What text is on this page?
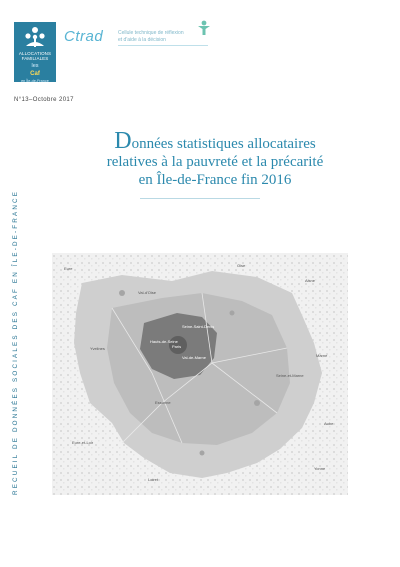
ALLOCATIONS
FAMILIALES
les
Caf
en Île-de-France
Ctrad	Cellule technique de réflexion
et d'aide à la décision
N°13–Octobre 2017
RECUEIL DE DONNÉES SOCIALES DES CAF EN ÎLE-DE-FRANCE
Données statistiques allocataires
relatives à la pauvreté et la précarité
en Île-de-France fin 2016
Eure
Oise
Aisne
Val-d'Oise
Seine-Saint-Denis
Hauts-de-Seine
Paris
Val-de-Marne
Yvelines
Marne
Seine-et-Marne
Essonne
Eure-et-Loir
Aube
Loiret
Yonne
